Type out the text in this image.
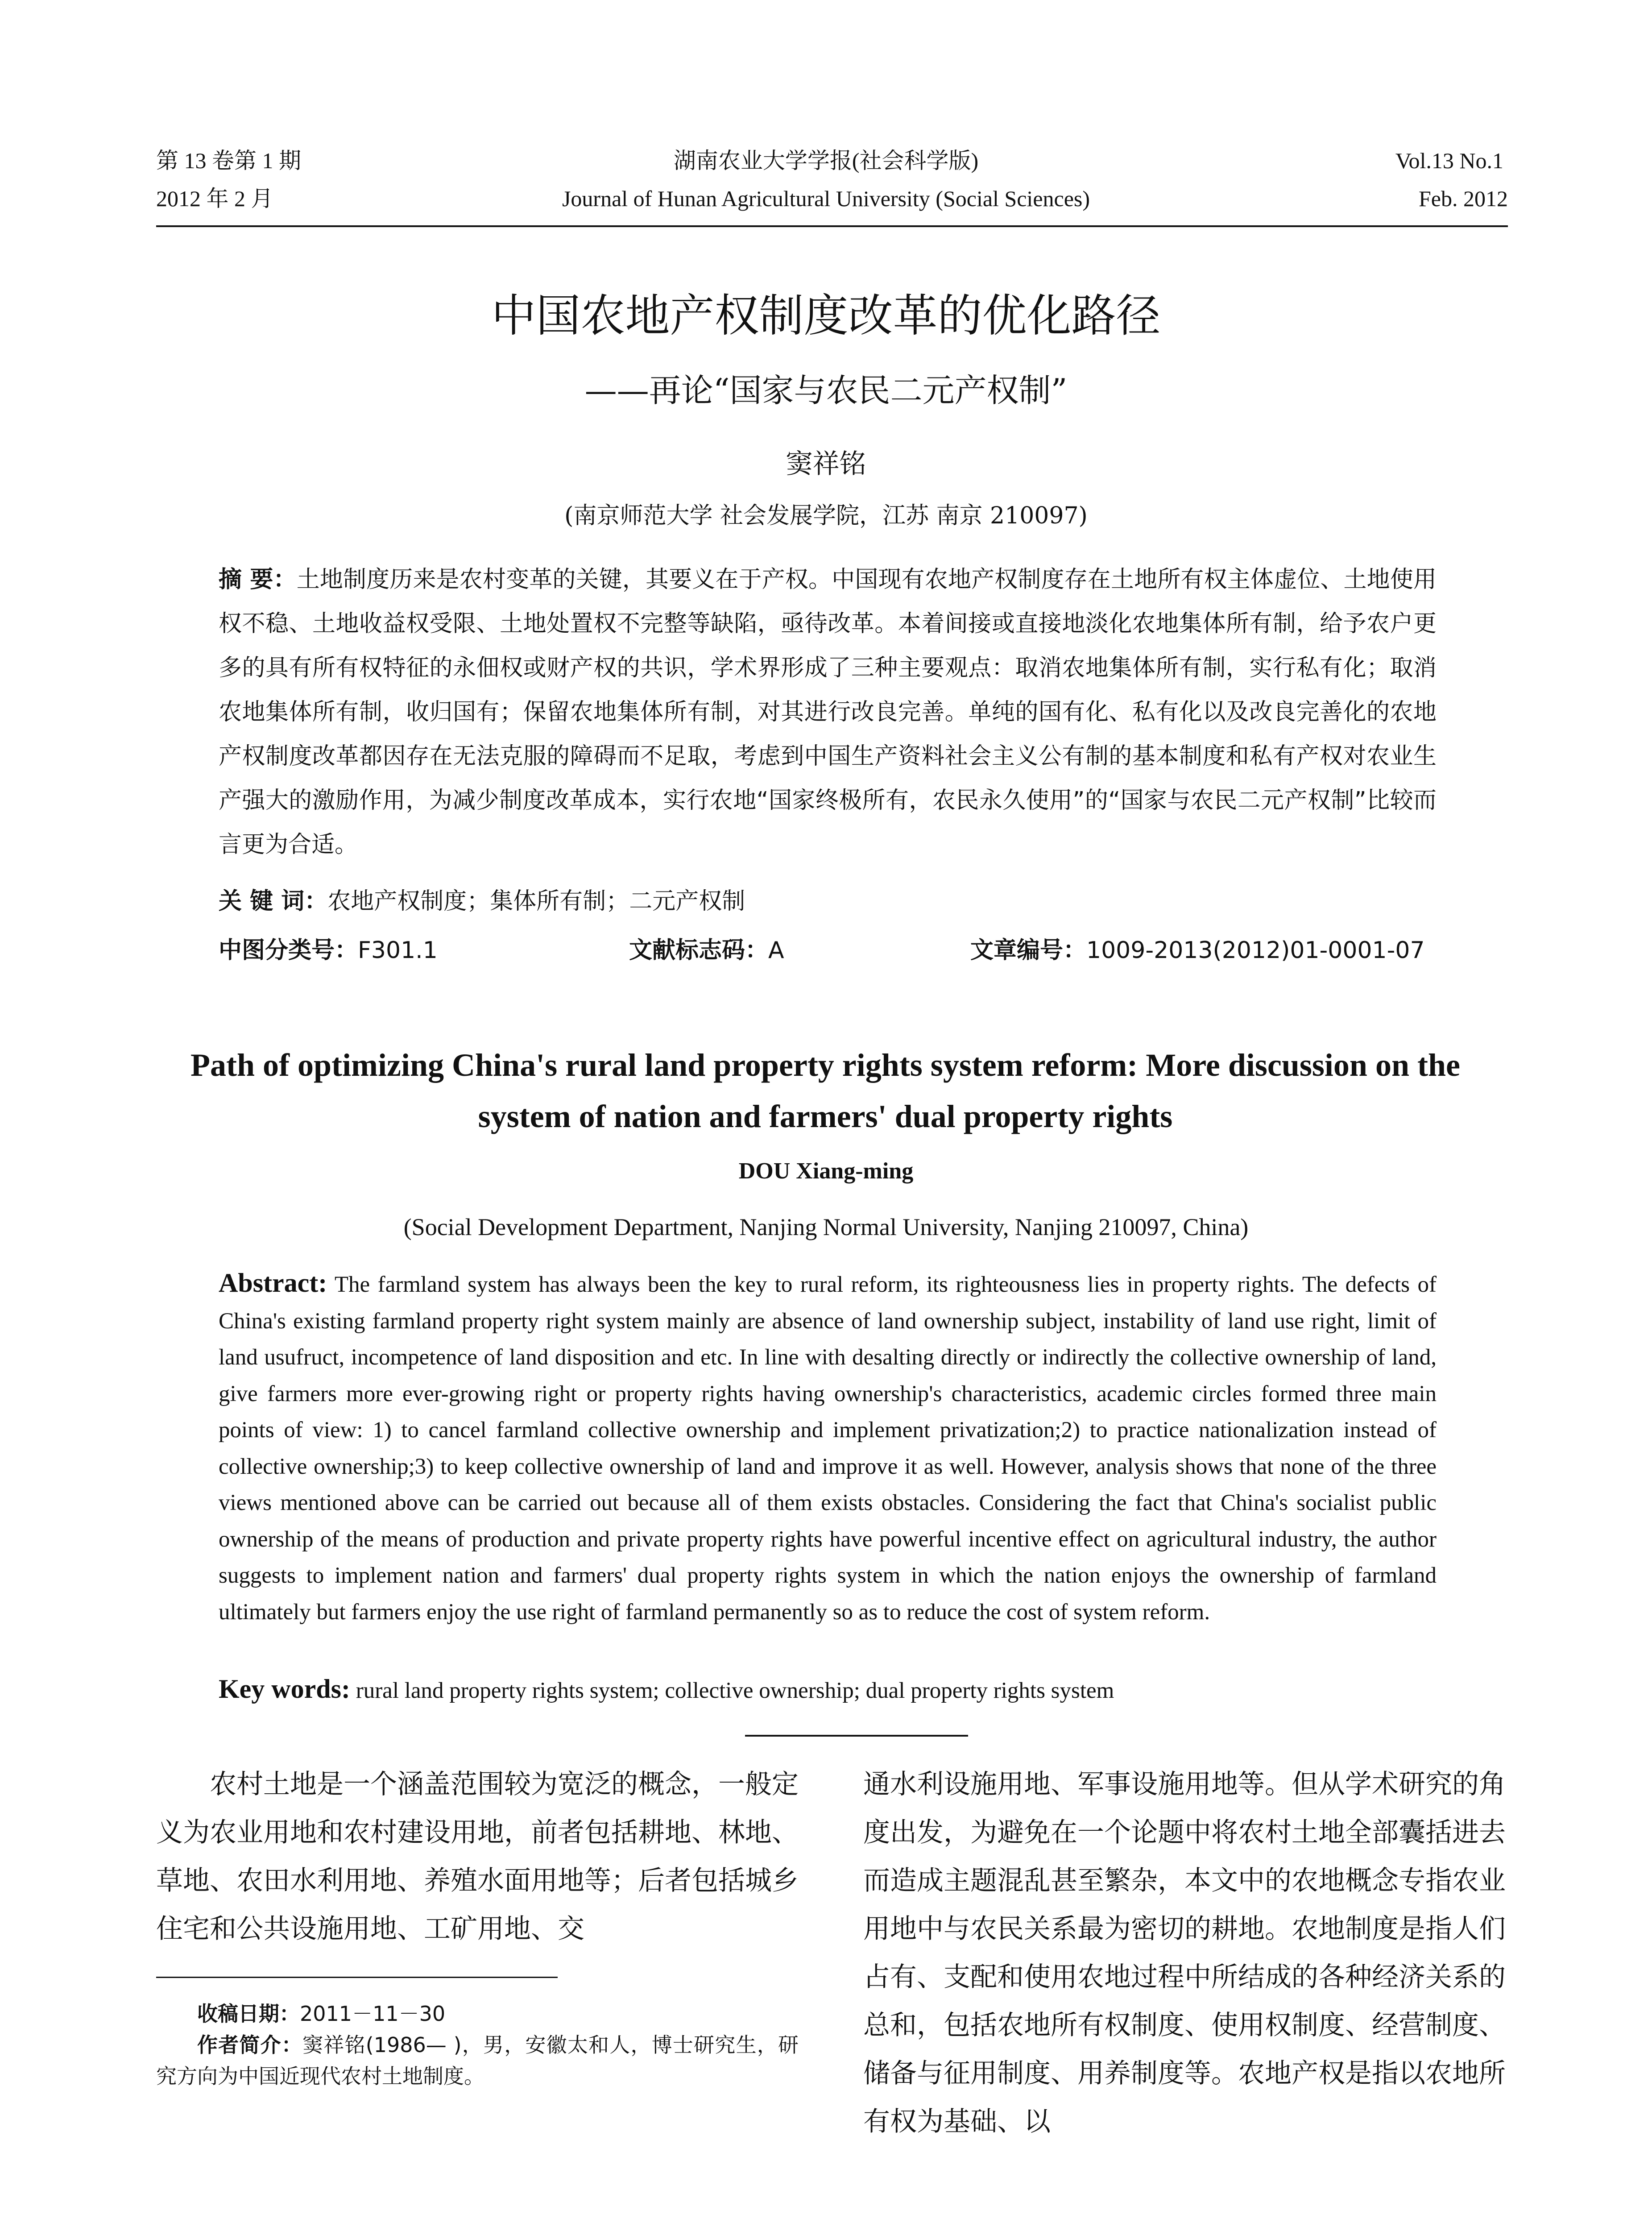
第 13 卷第 1 期
2012 年 2 月
湖南农业大学学报(社会科学版)
Journal of Hunan Agricultural University (Social Sciences)
Vol.13 No.1
Feb. 2012
中国农地产权制度改革的优化路径
——再论“国家与农民二元产权制”
窦祥铭
(南京师范大学 社会发展学院，江苏 南京 210097)
摘 要：土地制度历来是农村变革的关键，其要义在于产权。中国现有农地产权制度存在土地所有权主体虚位、土地使用权不稳、土地收益权受限、土地处置权不完整等缺陷，亟待改革。本着间接或直接地淡化农地集体所有制，给予农户更多的具有所有权特征的永佃权或财产权的共识，学术界形成了三种主要观点：取消农地集体所有制，实行私有化；取消农地集体所有制，收归国有；保留农地集体所有制，对其进行改良完善。单纯的国有化、私有化以及改良完善化的农地产权制度改革都因存在无法克服的障碍而不足取，考虑到中国生产资料社会主义公有制的基本制度和私有产权对农业生产强大的激励作用，为减少制度改革成本，实行农地“国家终极所有，农民永久使用”的“国家与农民二元产权制”比较而言更为合适。
关 键 词：农地产权制度；集体所有制；二元产权制
中图分类号：F301.1	文献标志码：A	文章编号：1009-2013(2012)01-0001-07
Path of optimizing China's rural land property rights system reform: More discussion on the system of nation and farmers' dual property rights
DOU Xiang-ming
(Social Development Department, Nanjing Normal University, Nanjing 210097, China)
Abstract: The farmland system has always been the key to rural reform, its righteousness lies in property rights. The defects of China's existing farmland property right system mainly are absence of land ownership subject, instability of land use right, limit of land usufruct, incompetence of land disposition and etc. In line with desalting directly or indirectly the collective ownership of land, give farmers more ever-growing right or property rights having ownership's characteristics, academic circles formed three main points of view: 1) to cancel farmland collective ownership and implement privatization;2) to practice nationalization instead of collective ownership;3) to keep collective ownership of land and improve it as well. However, analysis shows that none of the three views mentioned above can be carried out because all of them exists obstacles. Considering the fact that China's socialist public ownership of the means of production and private property rights have powerful incentive effect on agricultural industry, the author suggests to implement nation and farmers' dual property rights system in which the nation enjoys the ownership of farmland ultimately but farmers enjoy the use right of farmland permanently so as to reduce the cost of system reform.
Key words: rural land property rights system; collective ownership; dual property rights system
农村土地是一个涵盖范围较为宽泛的概念，一般定义为农业用地和农村建设用地，前者包括耕地、林地、草地、农田水利用地、养殖水面用地等；后者包括城乡住宅和公共设施用地、工矿用地、交
通水利设施用地、军事设施用地等。但从学术研究的角度出发，为避免在一个论题中将农村土地全部囊括进去而造成主题混乱甚至繁杂，本文中的农地概念专指农业用地中与农民关系最为密切的耕地。农地制度是指人们占有、支配和使用农地过程中所结成的各种经济关系的总和，包括农地所有权制度、使用权制度、经营制度、储备与征用制度、用养制度等。农地产权是指以农地所有权为基础、以
收稿日期：2011－11－30
作者简介：窦祥铭(1986— )，男，安徽太和人，博士研究生，研究方向为中国近现代农村土地制度。
